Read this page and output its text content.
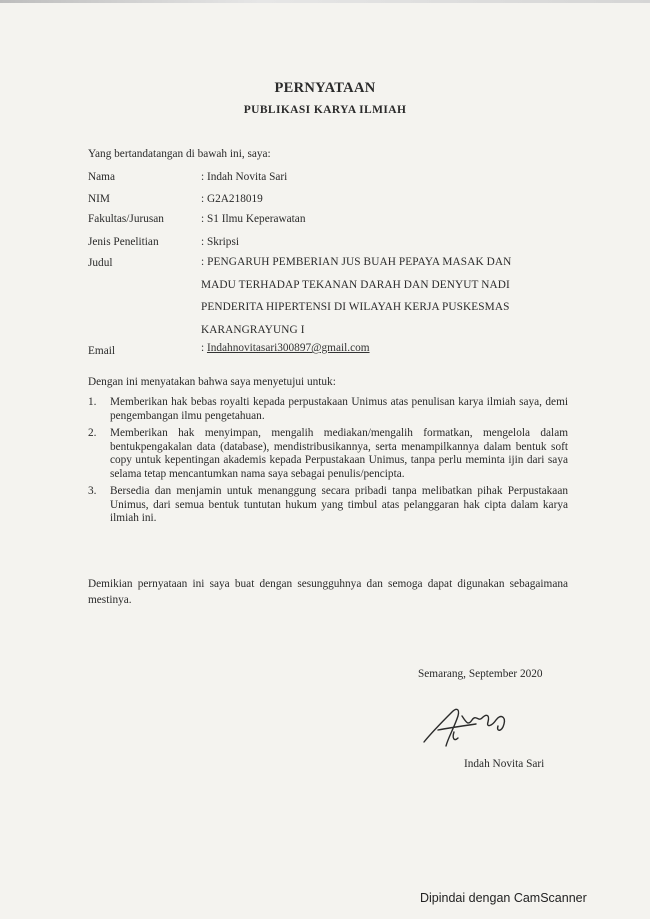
PERNYATAAN
PUBLIKASI KARYA ILMIAH
Yang bertandatangan di bawah ini, saya:
Nama	: Indah Novita Sari
NIM	: G2A218019
Fakultas/Jurusan	: S1 Ilmu Keperawatan
Jenis Penelitian	: Skripsi
Judul	: PENGARUH PEMBERIAN JUS BUAH PEPAYA MASAK DAN
MADU TERHADAP TEKANAN DARAH DAN DENYUT NADI
PENDERITA HIPERTENSI DI WILAYAH KERJA PUSKESMAS
KARANGRAYUNG I
Email	: Indahnovitasari300897@gmail.com
Dengan ini menyatakan bahwa saya menyetujui untuk:
1. Memberikan hak bebas royalti kepada perpustakaan Unimus atas penulisan karya ilmiah saya, demi pengembangan ilmu pengetahuan.
2. Memberikan hak menyimpan, mengalih mediakan/mengalih formatkan, mengelola dalam bentukpengakalan data (database), mendistribusikannya, serta menampilkannya dalam bentuk soft copy untuk kepentingan akademis kepada Perpustakaan Unimus, tanpa perlu meminta ijin dari saya selama tetap mencantumkan nama saya sebagai penulis/pencipta.
3. Bersedia dan menjamin untuk menanggung secara pribadi tanpa melibatkan pihak Perpustakaan Unimus, dari semua bentuk tuntutan hukum yang timbul atas pelanggaran hak cipta dalam karya ilmiah ini.
Demikian pernyataan ini saya buat dengan sesungguhnya dan semoga dapat digunakan sebagaimana mestinya.
Semarang, September 2020
Indah Novita Sari
Dipindai dengan CamScanner
